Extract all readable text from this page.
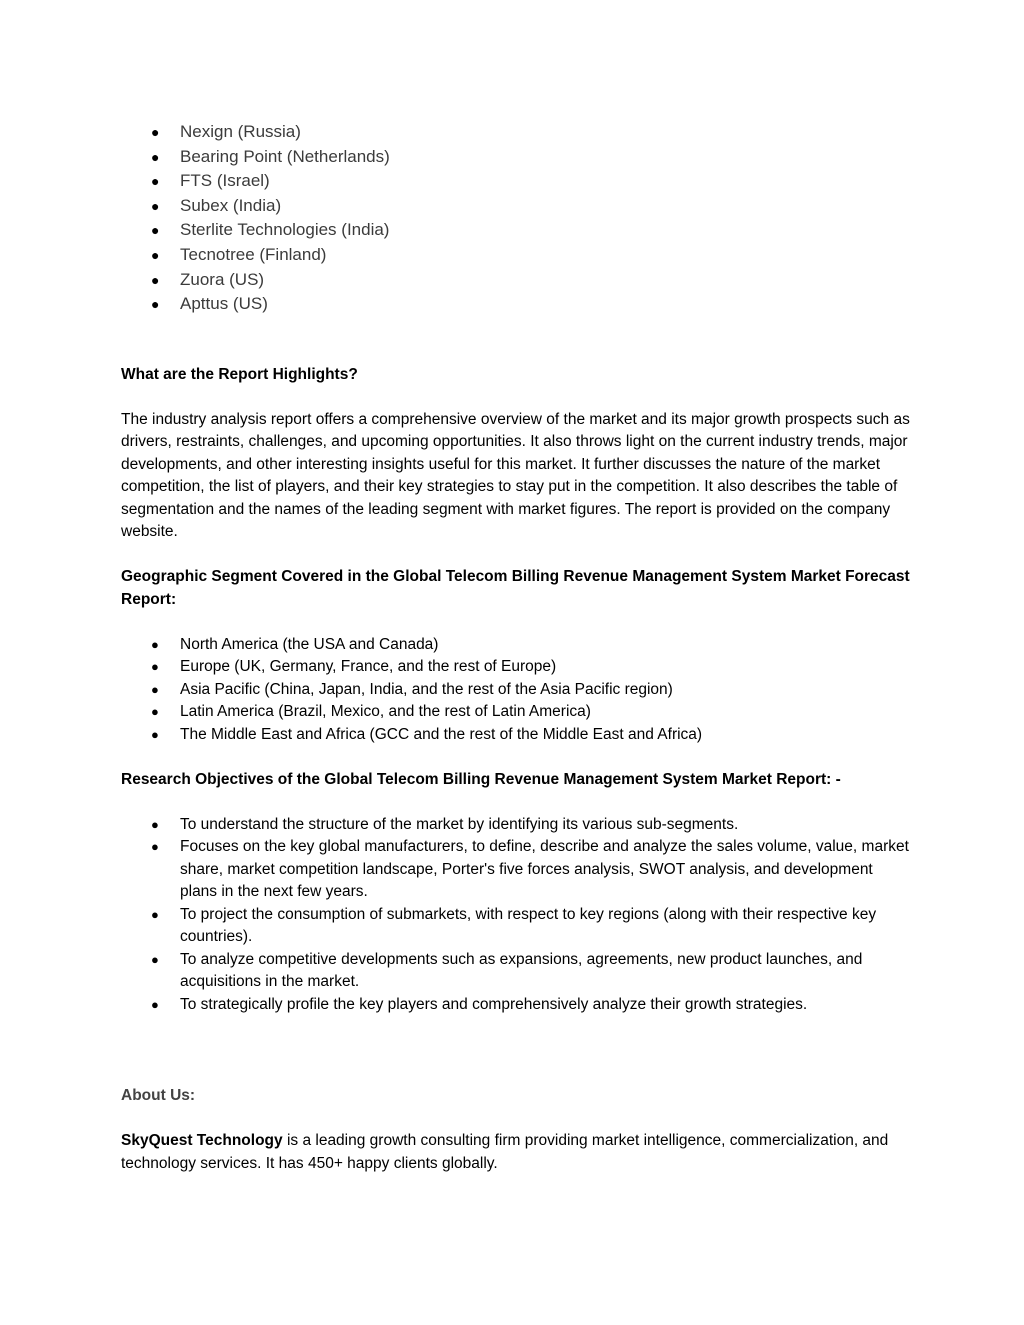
● Nexign (Russia)
● Bearing Point (Netherlands)
● FTS (Israel)
● Subex (India)
● Sterlite Technologies (India)
● Tecnotree (Finland)
● Zuora (US)
● Apttus (US)

What are the Report Highlights?

The industry analysis report offers a comprehensive overview of the market and its major growth prospects such as drivers, restraints, challenges, and upcoming opportunities. It also throws light on the current industry trends, major developments, and other interesting insights useful for this market. It further discusses the nature of the market competition, the list of players, and their key strategies to stay put in the competition. It also describes the table of segmentation and the names of the leading segment with market figures. The report is provided on the company website.

Geographic Segment Covered in the Global Telecom Billing Revenue Management System Market Forecast Report:

● North America (the USA and Canada)
● Europe (UK, Germany, France, and the rest of Europe)
● Asia Pacific (China, Japan, India, and the rest of the Asia Pacific region)
● Latin America (Brazil, Mexico, and the rest of Latin America)
● The Middle East and Africa (GCC and the rest of the Middle East and Africa)

Research Objectives of the Global Telecom Billing Revenue Management System Market Report: -

● To understand the structure of the market by identifying its various sub-segments.
● Focuses on the key global manufacturers, to define, describe and analyze the sales volume, value, market share, market competition landscape, Porter's five forces analysis, SWOT analysis, and development plans in the next few years.
● To project the consumption of submarkets, with respect to key regions (along with their respective key countries).
● To analyze competitive developments such as expansions, agreements, new product launches, and acquisitions in the market.
● To strategically profile the key players and comprehensively analyze their growth strategies.

About Us:

SkyQuest Technology is a leading growth consulting firm providing market intelligence, commercialization, and technology services. It has 450+ happy clients globally.
